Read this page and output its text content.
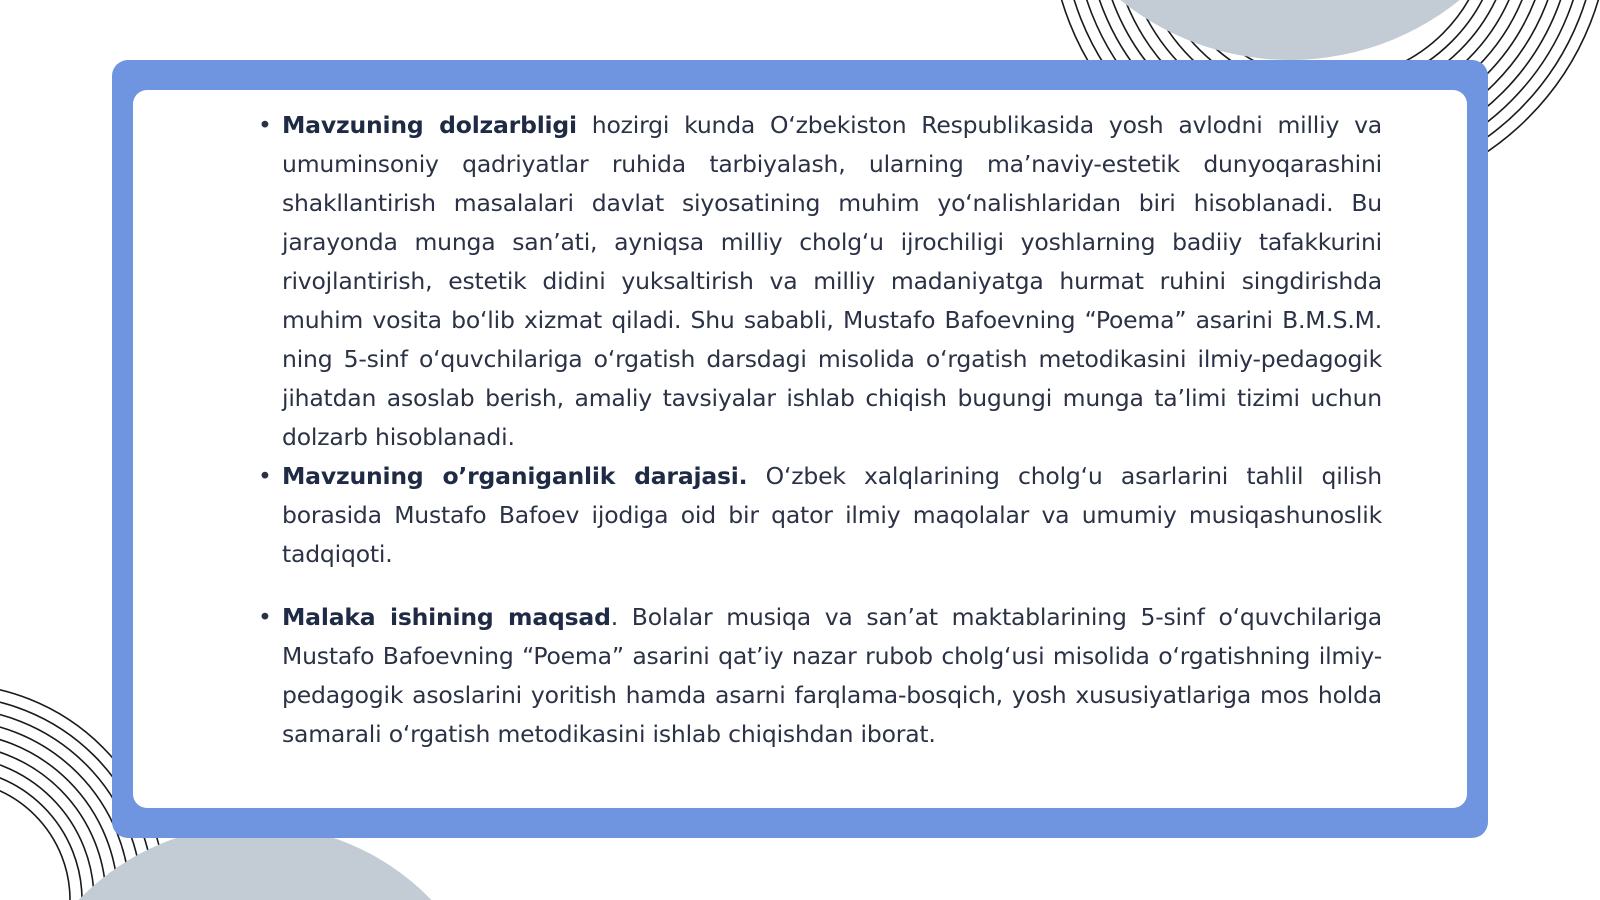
• Mavzuning dolzarbligi hozirgi kunda O‘zbekiston Respublikasida yosh avlodni milliy va umuminsoniy qadriyatlar ruhida tarbiyalash, ularning ma’naviy-estetik dunyoqarashini shakllantirish masalalari davlat siyosatining muhim yo‘nalishlaridan biri hisoblanadi. Bu jarayonda munga san’ati, ayniqsa milliy cholg‘u ijrochiligi yoshlarning badiiy tafakkurini rivojlantirish, estetik didini yuksaltirish va milliy madaniyatga hurmat ruhini singdirishda muhim vosita bo‘lib xizmat qiladi. Shu sababli, Mustafo Bafoevning “Poema” asarini B.M.S.M. ning 5-sinf o‘quvchilariga o‘rgatish darsdagi misolida o‘rgatish metodikasini ilmiy-pedagogik jihatdan asoslab berish, amaliy tavsiyalar ishlab chiqish bugungi munga ta’limi tizimi uchun dolzarb hisoblanadi.
• Mavzuning o’rganiganlik darajasi. O‘zbek xalqlarining cholg‘u asarlarini tahlil qilish borasida Mustafo Bafoev ijodiga oid bir qator ilmiy maqolalar va umumiy musiqashunoslik tadqiqoti.
• Malaka ishining maqsad. Bolalar musiqa va san’at maktablarining 5-sinf o‘quvchilariga Mustafo Bafoevning “Poema” asarini qat’iy nazar rubob cholg‘usi misolida o‘rgatishning ilmiy-pedagogik asoslarini yoritish hamda asarni farqlama-bosqich, yosh xususiyatlariga mos holda samarali o‘rgatish metodikasini ishlab chiqishdan iborat.
